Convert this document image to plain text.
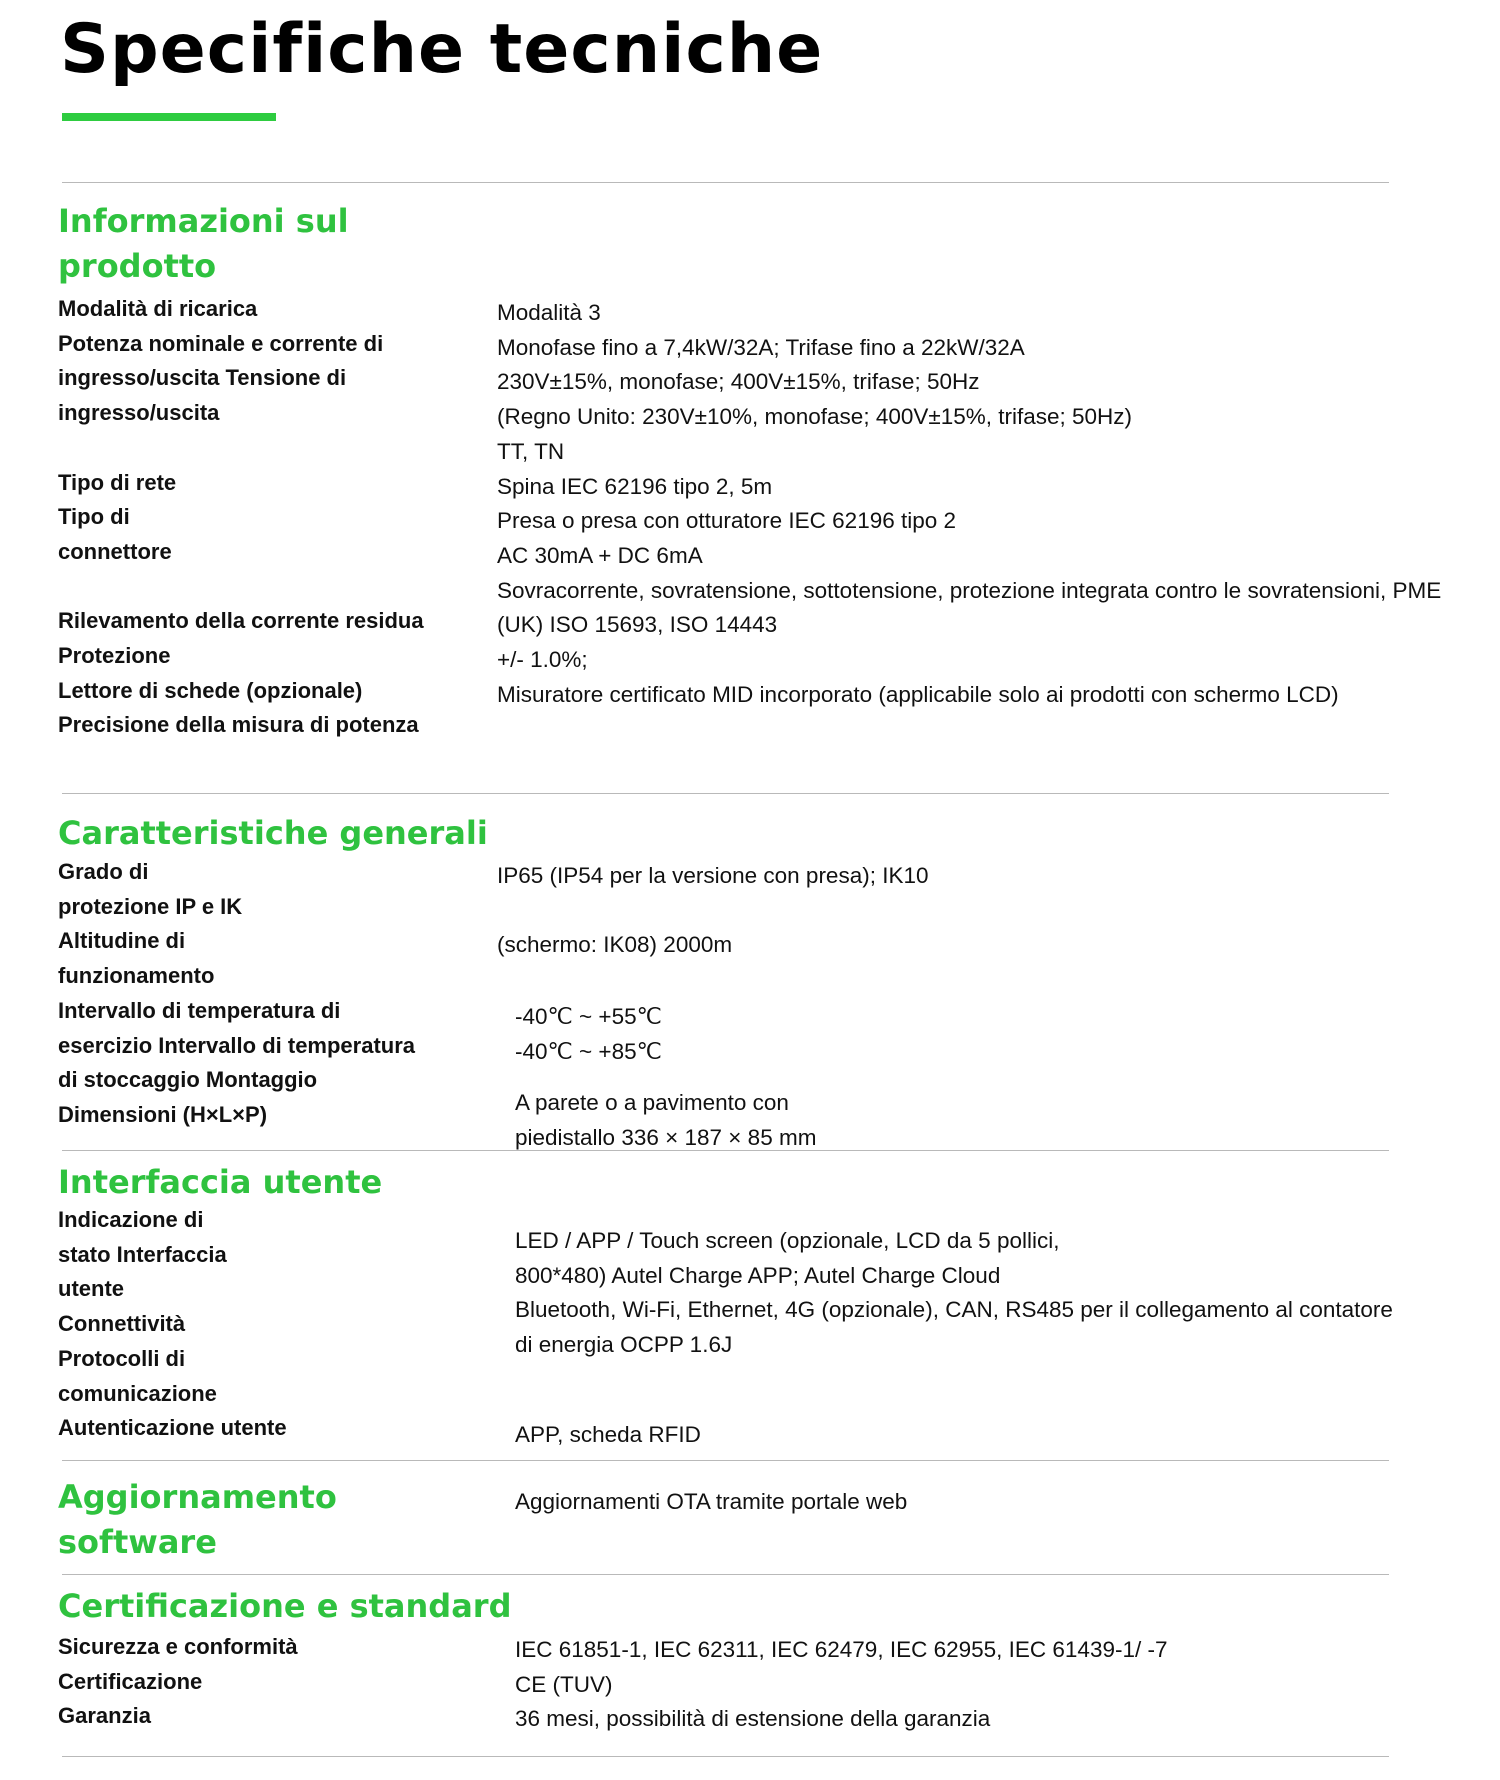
Specifiche tecniche
Informazioni sul
prodotto
Modalità di ricarica
Potenza nominale e corrente di
ingresso/uscita Tensione di
ingresso/uscita
Tipo di rete
Tipo di
connettore
Rilevamento della corrente residua
Protezione
Lettore di schede (opzionale)
Precisione della misura di potenza
Modalità 3
Monofase fino a 7,4kW/32A; Trifase fino a 22kW/32A
230V±15%, monofase; 400V±15%, trifase; 50Hz
(Regno Unito: 230V±10%, monofase; 400V±15%, trifase; 50Hz)
TT, TN
Spina IEC 62196 tipo 2, 5m
Presa o presa con otturatore IEC 62196 tipo 2
AC 30mA + DC 6mA
Sovracorrente, sovratensione, sottotensione, protezione integrata contro le sovratensioni, PME
(UK) ISO 15693, ISO 14443
+/- 1.0%;
Misuratore certificato MID incorporato (applicabile solo ai prodotti con schermo LCD)
Caratteristiche generali
Grado di
protezione IP e IK
Altitudine di
funzionamento
Intervallo di temperatura di
esercizio Intervallo di temperatura
di stoccaggio Montaggio
Dimensioni (H×L×P)
IP65 (IP54 per la versione con presa); IK10
(schermo: IK08) 2000m
-40℃ ~ +55℃
-40℃ ~ +85℃
A parete o a pavimento con
piedistallo 336 × 187 × 85 mm
Interfaccia utente
Indicazione di
stato Interfaccia
utente
Connettività
Protocolli di
comunicazione
Autenticazione utente
LED / APP / Touch screen (opzionale, LCD da 5 pollici,
800*480) Autel Charge APP; Autel Charge Cloud
Bluetooth, Wi-Fi, Ethernet, 4G (opzionale), CAN, RS485 per il collegamento al contatore
di energia OCPP 1.6J
APP, scheda RFID
Aggiornamento
software
Aggiornamenti OTA tramite portale web
Certificazione e standard
Sicurezza e conformità
Certificazione
Garanzia
IEC 61851-1, IEC 62311, IEC 62479, IEC 62955, IEC 61439-1/ -7
CE (TUV)
36 mesi, possibilità di estensione della garanzia
